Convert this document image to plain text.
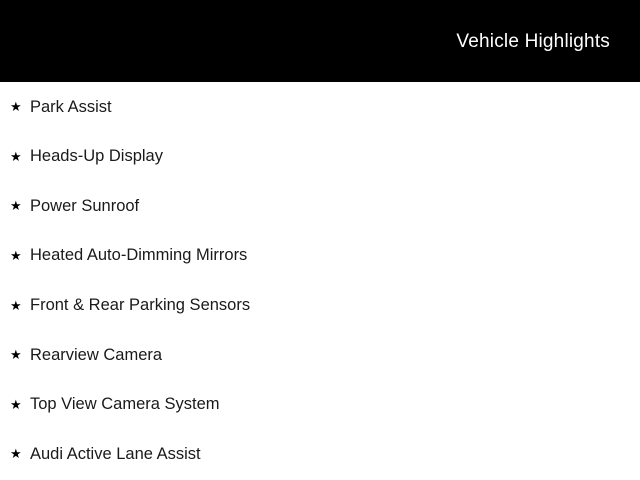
Vehicle Highlights
★ Park Assist
★ Heads-Up Display
★ Power Sunroof
★ Heated Auto-Dimming Mirrors
★ Front & Rear Parking Sensors
★ Rearview Camera
★ Top View Camera System
★ Audi Active Lane Assist
